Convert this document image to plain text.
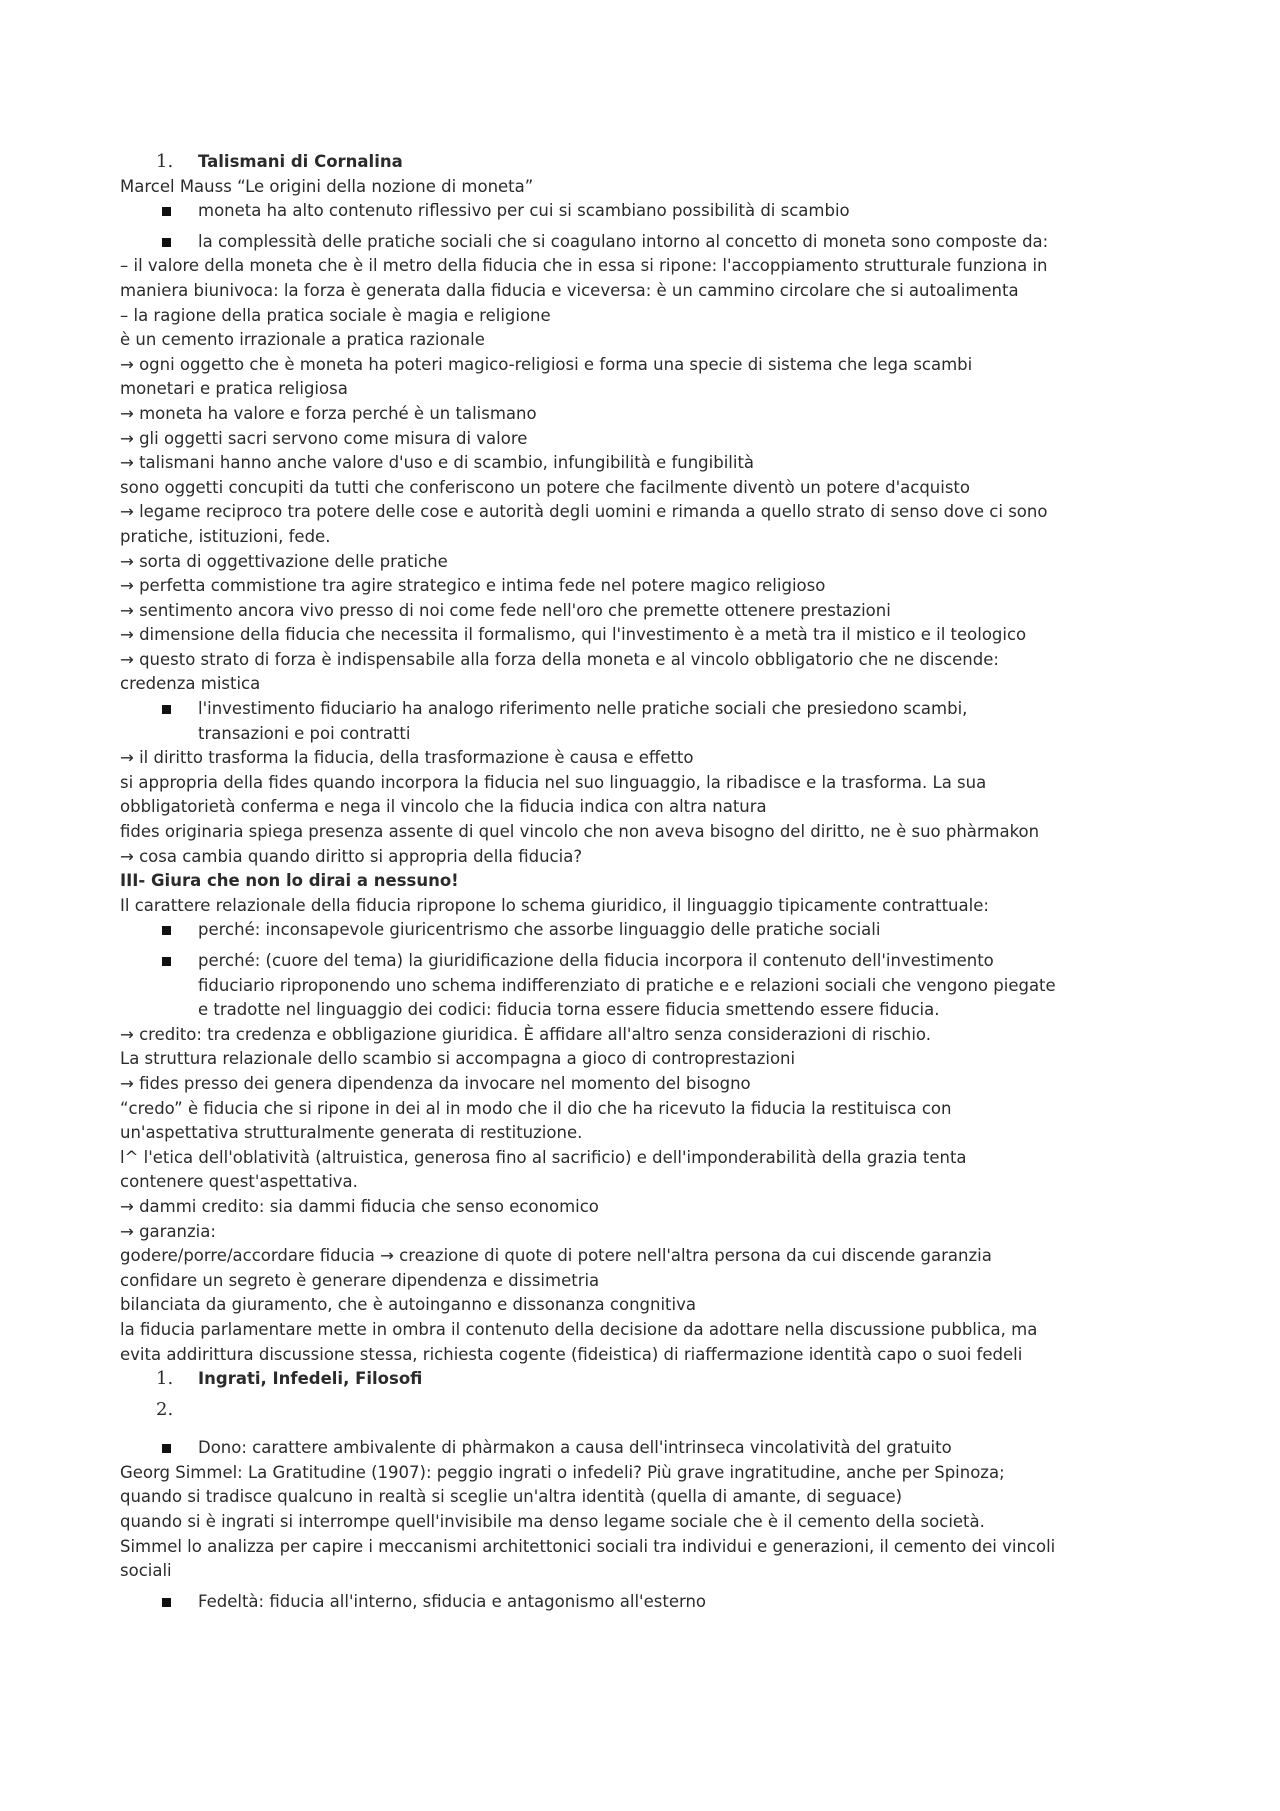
1.	Talismani di Cornalina

Marcel Mauss “Le origini della nozione di moneta”

moneta ha alto contenuto riflessivo per cui si scambiano possibilità di scambio

la complessità delle pratiche sociali che si coagulano intorno al concetto di moneta sono composte da:

– il valore della moneta che è il metro della fiducia che in essa si ripone: l'accoppiamento strutturale funziona in

maniera biunivoca: la forza è generata dalla fiducia e viceversa: è un cammino circolare che si autoalimenta

– la ragione della pratica sociale è magia e religione

è un cemento irrazionale a pratica razionale

→ ogni oggetto che è moneta ha poteri magico-religiosi e forma una specie di sistema che lega scambi

monetari e pratica religiosa

→ moneta ha valore e forza perché è un talismano

→ gli oggetti sacri servono come misura di valore

→ talismani hanno anche valore d'uso e di scambio, infungibilità e fungibilità

sono oggetti concupiti da tutti che conferiscono un potere che facilmente diventò un potere d'acquisto

→ legame reciproco tra potere delle cose e autorità degli uomini e rimanda a quello strato di senso dove ci sono

pratiche, istituzioni, fede.

→ sorta di oggettivazione delle pratiche

→ perfetta commistione tra agire strategico e intima fede nel potere magico religioso

→ sentimento ancora vivo presso di noi come fede nell'oro che premette ottenere prestazioni

→ dimensione della fiducia che necessita il formalismo, qui l'investimento è a metà tra il mistico e il teologico

→ questo strato di forza è indispensabile alla forza della moneta e al vincolo obbligatorio che ne discende:

credenza mistica

l'investimento fiduciario ha analogo riferimento nelle pratiche sociali che presiedono scambi,

transazioni e poi contratti

→ il diritto trasforma la fiducia, della trasformazione è causa e effetto

si appropria della fides quando incorpora la fiducia nel suo linguaggio, la ribadisce e la trasforma. La sua

obbligatorietà conferma e nega il vincolo che la fiducia indica con altra natura

fides originaria spiega presenza assente di quel vincolo che non aveva bisogno del diritto, ne è suo phàrmakon

→ cosa cambia quando diritto si appropria della fiducia?

III- Giura che non lo dirai a nessuno!

Il carattere relazionale della fiducia ripropone lo schema giuridico, il linguaggio tipicamente contrattuale:

perché: inconsapevole giuricentrismo che assorbe linguaggio delle pratiche sociali

perché: (cuore del tema) la giuridificazione della fiducia incorpora il contenuto dell'investimento

fiduciario riproponendo uno schema indifferenziato di pratiche e e relazioni sociali che vengono piegate

e tradotte nel linguaggio dei codici: fiducia torna essere fiducia smettendo essere fiducia.

→ credito: tra credenza e obbligazione giuridica. È affidare all'altro senza considerazioni di rischio.

La struttura relazionale dello scambio si accompagna a gioco di controprestazioni

→ fides presso dei genera dipendenza da invocare nel momento del bisogno

“credo” è fiducia che si ripone in dei al in modo che il dio che ha ricevuto la fiducia la restituisca con

un'aspettativa strutturalmente generata di restituzione.

l^ l'etica dell'oblatività (altruistica, generosa fino al sacrificio) e dell'imponderabilità della grazia tenta

contenere quest'aspettativa.

→ dammi credito: sia dammi fiducia che senso economico

→ garanzia:

godere/porre/accordare fiducia → creazione di quote di potere nell'altra persona da cui discende garanzia

confidare un segreto è generare dipendenza e dissimetria

bilanciata da giuramento, che è autoinganno e dissonanza congnitiva

la fiducia parlamentare mette in ombra il contenuto della decisione da adottare nella discussione pubblica, ma

evita addirittura discussione stessa, richiesta cogente (fideistica) di riaffermazione identità capo o suoi fedeli

1.	Ingrati, Infedeli, Filosofi
2.

Dono: carattere ambivalente di phàrmakon a causa dell'intrinseca vincolatività del gratuito

Georg Simmel: La Gratitudine (1907): peggio ingrati o infedeli? Più grave ingratitudine, anche per Spinoza;

quando si tradisce qualcuno in realtà si sceglie un'altra identità (quella di amante, di seguace)

quando si è ingrati si interrompe quell'invisibile ma denso legame sociale che è il cemento della società.

Simmel lo analizza per capire i meccanismi architettonici sociali tra individui e generazioni, il cemento dei vincoli

sociali

Fedeltà: fiducia all'interno, sfiducia e antagonismo all'esterno
